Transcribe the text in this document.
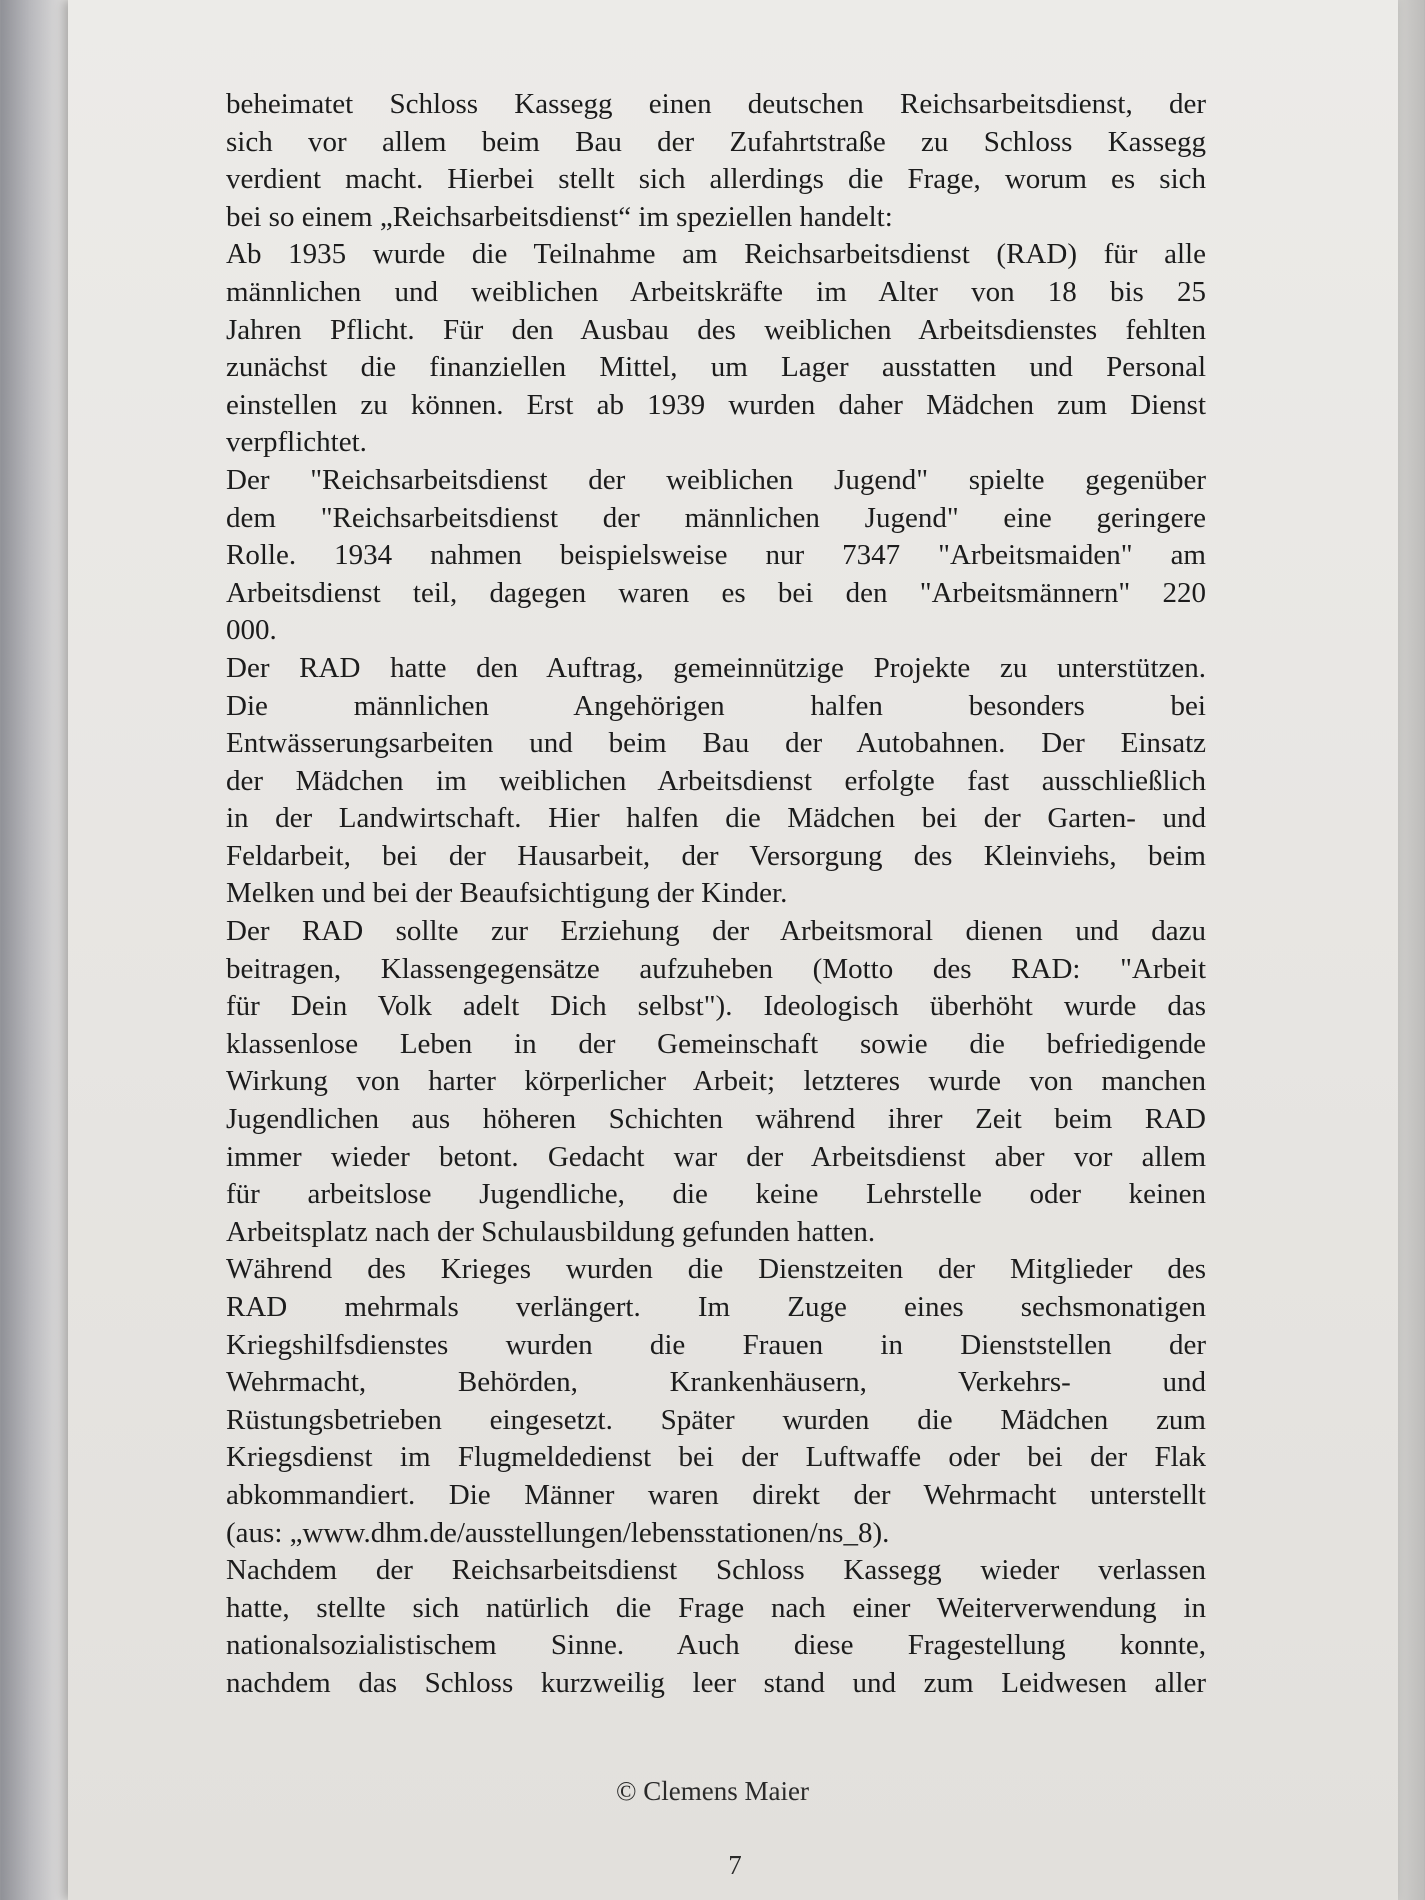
beheimatet Schloss Kassegg einen deutschen Reichsarbeitsdienst, der
sich vor allem beim Bau der Zufahrtstraße zu Schloss Kassegg
verdient macht. Hierbei stellt sich allerdings die Frage, worum es sich
bei so einem „Reichsarbeitsdienst“ im speziellen handelt:
Ab 1935 wurde die Teilnahme am Reichsarbeitsdienst (RAD) für alle
männlichen und weiblichen Arbeitskräfte im Alter von 18 bis 25
Jahren Pflicht. Für den Ausbau des weiblichen Arbeitsdienstes fehlten
zunächst die finanziellen Mittel, um Lager ausstatten und Personal
einstellen zu können. Erst ab 1939 wurden daher Mädchen zum Dienst
verpflichtet.
Der "Reichsarbeitsdienst der weiblichen Jugend" spielte gegenüber
dem "Reichsarbeitsdienst der männlichen Jugend" eine geringere
Rolle. 1934 nahmen beispielsweise nur 7347 "Arbeitsmaiden" am
Arbeitsdienst teil, dagegen waren es bei den "Arbeitsmännern" 220
000.
Der RAD hatte den Auftrag, gemeinnützige Projekte zu unterstützen.
Die männlichen Angehörigen halfen besonders bei
Entwässerungsarbeiten und beim Bau der Autobahnen. Der Einsatz
der Mädchen im weiblichen Arbeitsdienst erfolgte fast ausschließlich
in der Landwirtschaft. Hier halfen die Mädchen bei der Garten- und
Feldarbeit, bei der Hausarbeit, der Versorgung des Kleinviehs, beim
Melken und bei der Beaufsichtigung der Kinder.
Der RAD sollte zur Erziehung der Arbeitsmoral dienen und dazu
beitragen, Klassengegensätze aufzuheben (Motto des RAD: "Arbeit
für Dein Volk adelt Dich selbst"). Ideologisch überhöht wurde das
klassenlose Leben in der Gemeinschaft sowie die befriedigende
Wirkung von harter körperlicher Arbeit; letzteres wurde von manchen
Jugendlichen aus höheren Schichten während ihrer Zeit beim RAD
immer wieder betont. Gedacht war der Arbeitsdienst aber vor allem
für arbeitslose Jugendliche, die keine Lehrstelle oder keinen
Arbeitsplatz nach der Schulausbildung gefunden hatten.
Während des Krieges wurden die Dienstzeiten der Mitglieder des
RAD mehrmals verlängert. Im Zuge eines sechsmonatigen
Kriegshilfsdienstes wurden die Frauen in Dienststellen der
Wehrmacht, Behörden, Krankenhäusern, Verkehrs- und
Rüstungsbetrieben eingesetzt. Später wurden die Mädchen zum
Kriegsdienst im Flugmeldedienst bei der Luftwaffe oder bei der Flak
abkommandiert. Die Männer waren direkt der Wehrmacht unterstellt
(aus: „www.dhm.de/ausstellungen/lebensstationen/ns_8).
Nachdem der Reichsarbeitsdienst Schloss Kassegg wieder verlassen
hatte, stellte sich natürlich die Frage nach einer Weiterverwendung in
nationalsozialistischem Sinne. Auch diese Fragestellung konnte,
nachdem das Schloss kurzweilig leer stand und zum Leidwesen aller
© Clemens Maier
7
